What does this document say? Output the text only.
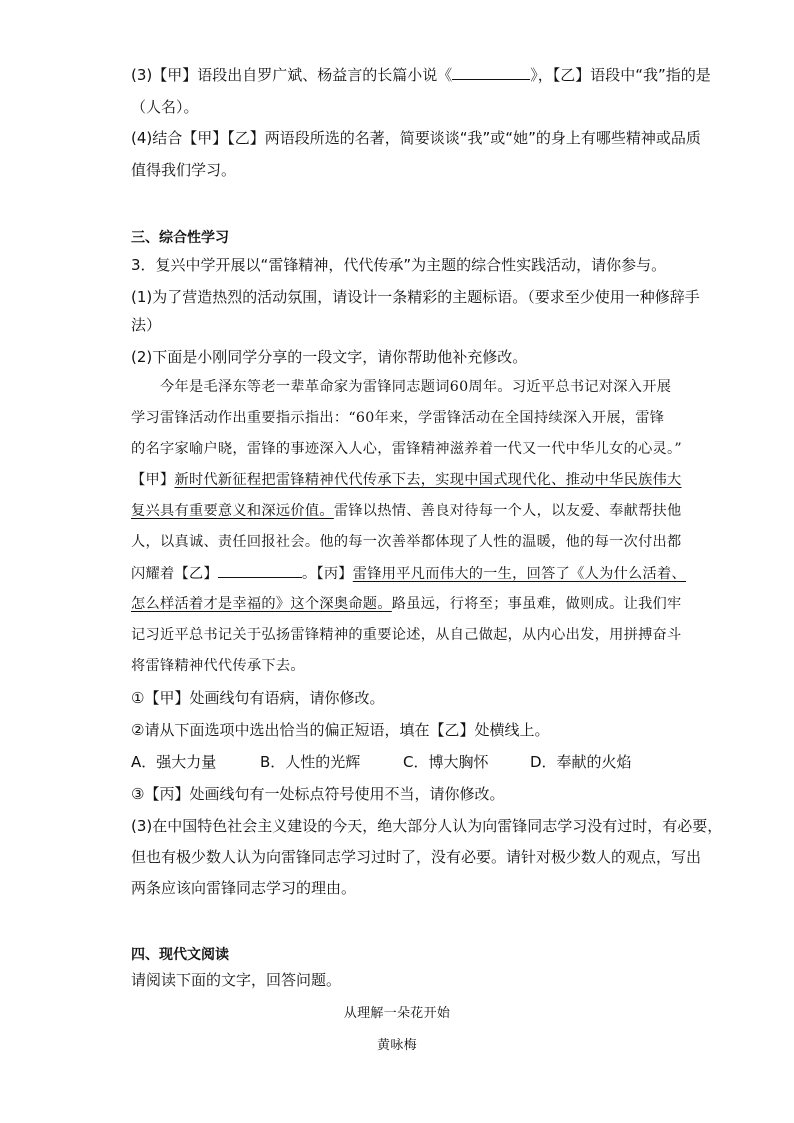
(3)【甲】语段出自罗广斌、杨益言的长篇小说《	》，【乙】语段中“我”指的是
（人名）。
(4)结合【甲】【乙】两语段所选的名著，简要谈谈“我”或“她”的身上有哪些精神或品质
值得我们学习。
三、综合性学习
3．复兴中学开展以“雷锋精神，代代传承”为主题的综合性实践活动，请你参与。
(1)为了营造热烈的活动氛围，请设计一条精彩的主题标语。（要求至少使用一种修辞手
法）
(2)下面是小刚同学分享的一段文字，请你帮助他补充修改。
今年是毛泽东等老一辈革命家为雷锋同志题词60周年。习近平总书记对深入开展
学习雷锋活动作出重要指示指出：“60年来，学雷锋活动在全国持续深入开展，雷锋
的名字家喻户晓，雷锋的事迹深入人心，雷锋精神滋养着一代又一代中华儿女的心灵。”
【甲】新时代新征程把雷锋精神代代传承下去，实现中国式现代化、推动中华民族伟大
复兴具有重要意义和深远价值。雷锋以热情、善良对待每一个人，以友爱、奉献帮扶他
人，以真诚、责任回报社会。他的每一次善举都体现了人性的温暖，他的每一次付出都
闪耀着【乙】	。【丙】雷锋用平凡而伟大的一生，回答了《人为什么活着、
怎么样活着才是幸福的》这个深奥命题。路虽远，行将至；事虽难，做则成。让我们牢
记习近平总书记关于弘扬雷锋精神的重要论述，从自己做起，从内心出发，用拼搏奋斗
将雷锋精神代代传承下去。
①【甲】处画线句有语病，请你修改。
②请从下面选项中选出恰当的偏正短语，填在【乙】处横线上。
A．强大力量	B．人性的光辉	C．博大胸怀	D．奉献的火焰
③【丙】处画线句有一处标点符号使用不当，请你修改。
(3)在中国特色社会主义建设的今天，绝大部分人认为向雷锋同志学习没有过时，有必要，
但也有极少数人认为向雷锋同志学习过时了，没有必要。请针对极少数人的观点，写出
两条应该向雷锋同志学习的理由。
四、现代文阅读
请阅读下面的文字，回答问题。
从理解一朵花开始
黄咏梅
